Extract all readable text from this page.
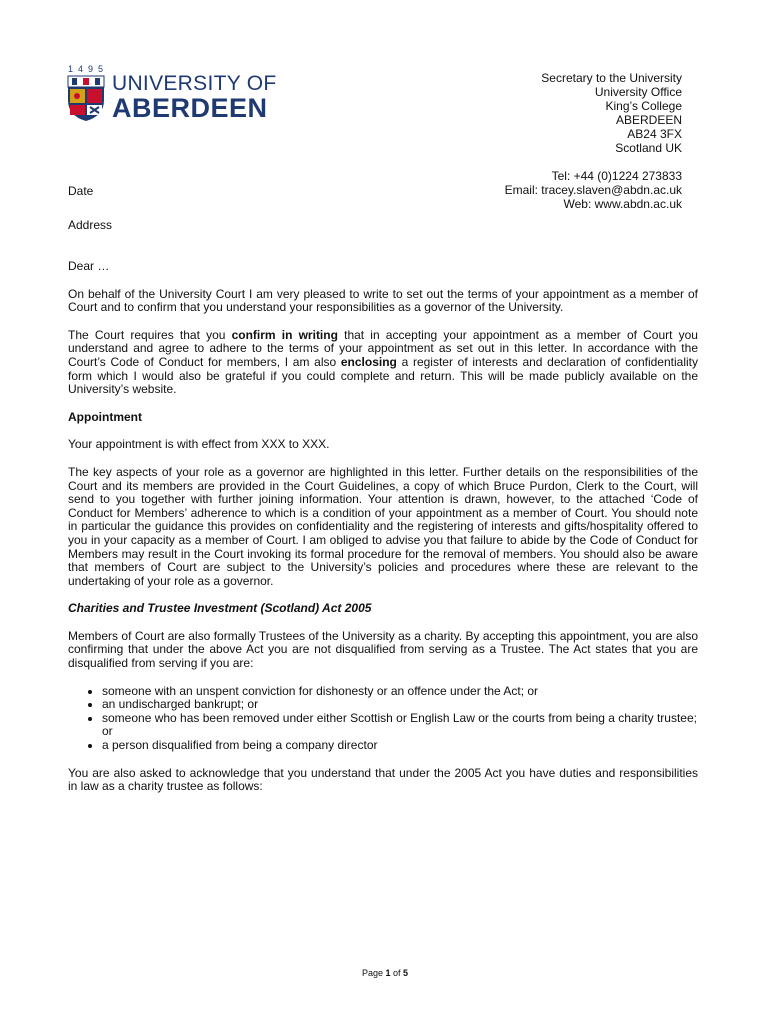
1495
UNIVERSITY OF
ABERDEEN
Secretary to the University
University Office
King’s College
ABERDEEN
AB24 3FX
Scotland UK
Tel: +44 (0)1224 273833
Email: tracey.slaven@abdn.ac.uk
Web: www.abdn.ac.uk
Date
Address

Dear …

On behalf of the University Court I am very pleased to write to set out the terms of your appointment as a member of Court and to confirm that you understand your responsibilities as a governor of the University.

The Court requires that you confirm in writing that in accepting your appointment as a member of Court you understand and agree to adhere to the terms of your appointment as set out in this letter. In accordance with the Court’s Code of Conduct for members, I am also enclosing a register of interests and declaration of confidentiality form which I would also be grateful if you could complete and return. This will be made publicly available on the University’s website.

Appointment

Your appointment is with effect from XXX to XXX.

The key aspects of your role as a governor are highlighted in this letter. Further details on the responsibilities of the Court and its members are provided in the Court Guidelines, a copy of which Bruce Purdon, Clerk to the Court, will send to you together with further joining information. Your attention is drawn, however, to the attached ‘Code of Conduct for Members’ adherence to which is a condition of your appointment as a member of Court. You should note in particular the guidance this provides on confidentiality and the registering of interests and gifts/hospitality offered to you in your capacity as a member of Court. I am obliged to advise you that failure to abide by the Code of Conduct for Members may result in the Court invoking its formal procedure for the removal of members. You should also be aware that members of Court are subject to the University’s policies and procedures where these are relevant to the undertaking of your role as a governor.

Charities and Trustee Investment (Scotland) Act 2005

Members of Court are also formally Trustees of the University as a charity. By accepting this appointment, you are also confirming that under the above Act you are not disqualified from serving as a Trustee. The Act states that you are disqualified from serving if you are:

• someone with an unspent conviction for dishonesty or an offence under the Act; or
• an undischarged bankrupt; or
• someone who has been removed under either Scottish or English Law or the courts from being a charity trustee; or
• a person disqualified from being a company director

You are also asked to acknowledge that you understand that under the 2005 Act you have duties and responsibilities in law as a charity trustee as follows:

Page 1 of 5
